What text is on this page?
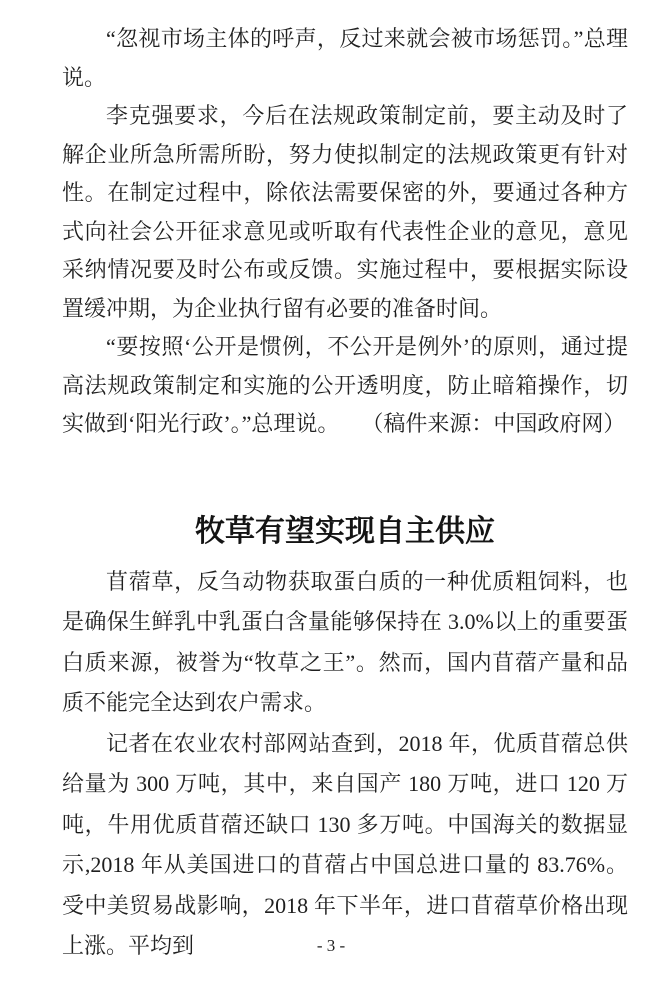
“忽视市场主体的呼声，反过来就会被市场惩罚。”总理说。

李克强要求，今后在法规政策制定前，要主动及时了解企业所急所需所盼，努力使拟制定的法规政策更有针对性。在制定过程中，除依法需要保密的外，要通过各种方式向社会公开征求意见或听取有代表性企业的意见，意见采纳情况要及时公布或反馈。实施过程中，要根据实际设置缓冲期，为企业执行留有必要的准备时间。

“要按照‘公开是惯例，不公开是例外’的原则，通过提高法规政策制定和实施的公开透明度，防止暗箱操作，切实做到‘阳光行政’。”总理说。　　（稿件来源：中国政府网）

牧草有望实现自主供应

苜蓿草，反刍动物获取蛋白质的一种优质粗饲料，也是确保生鲜乳中乳蛋白含量能够保持在 3.0%以上的重要蛋白质来源，被誉为“牧草之王”。然而，国内苜蓿产量和品质不能完全达到农户需求。

记者在农业农村部网站查到，2018 年，优质苜蓿总供给量为 300 万吨，其中，来自国产 180 万吨，进口 120 万吨，牛用优质苜蓿还缺口 130 多万吨。中国海关的数据显示,2018 年从美国进口的苜蓿占中国总进口量的 83.76%。受中美贸易战影响，2018 年下半年，进口苜蓿草价格出现上涨。平均到	- 3 -
